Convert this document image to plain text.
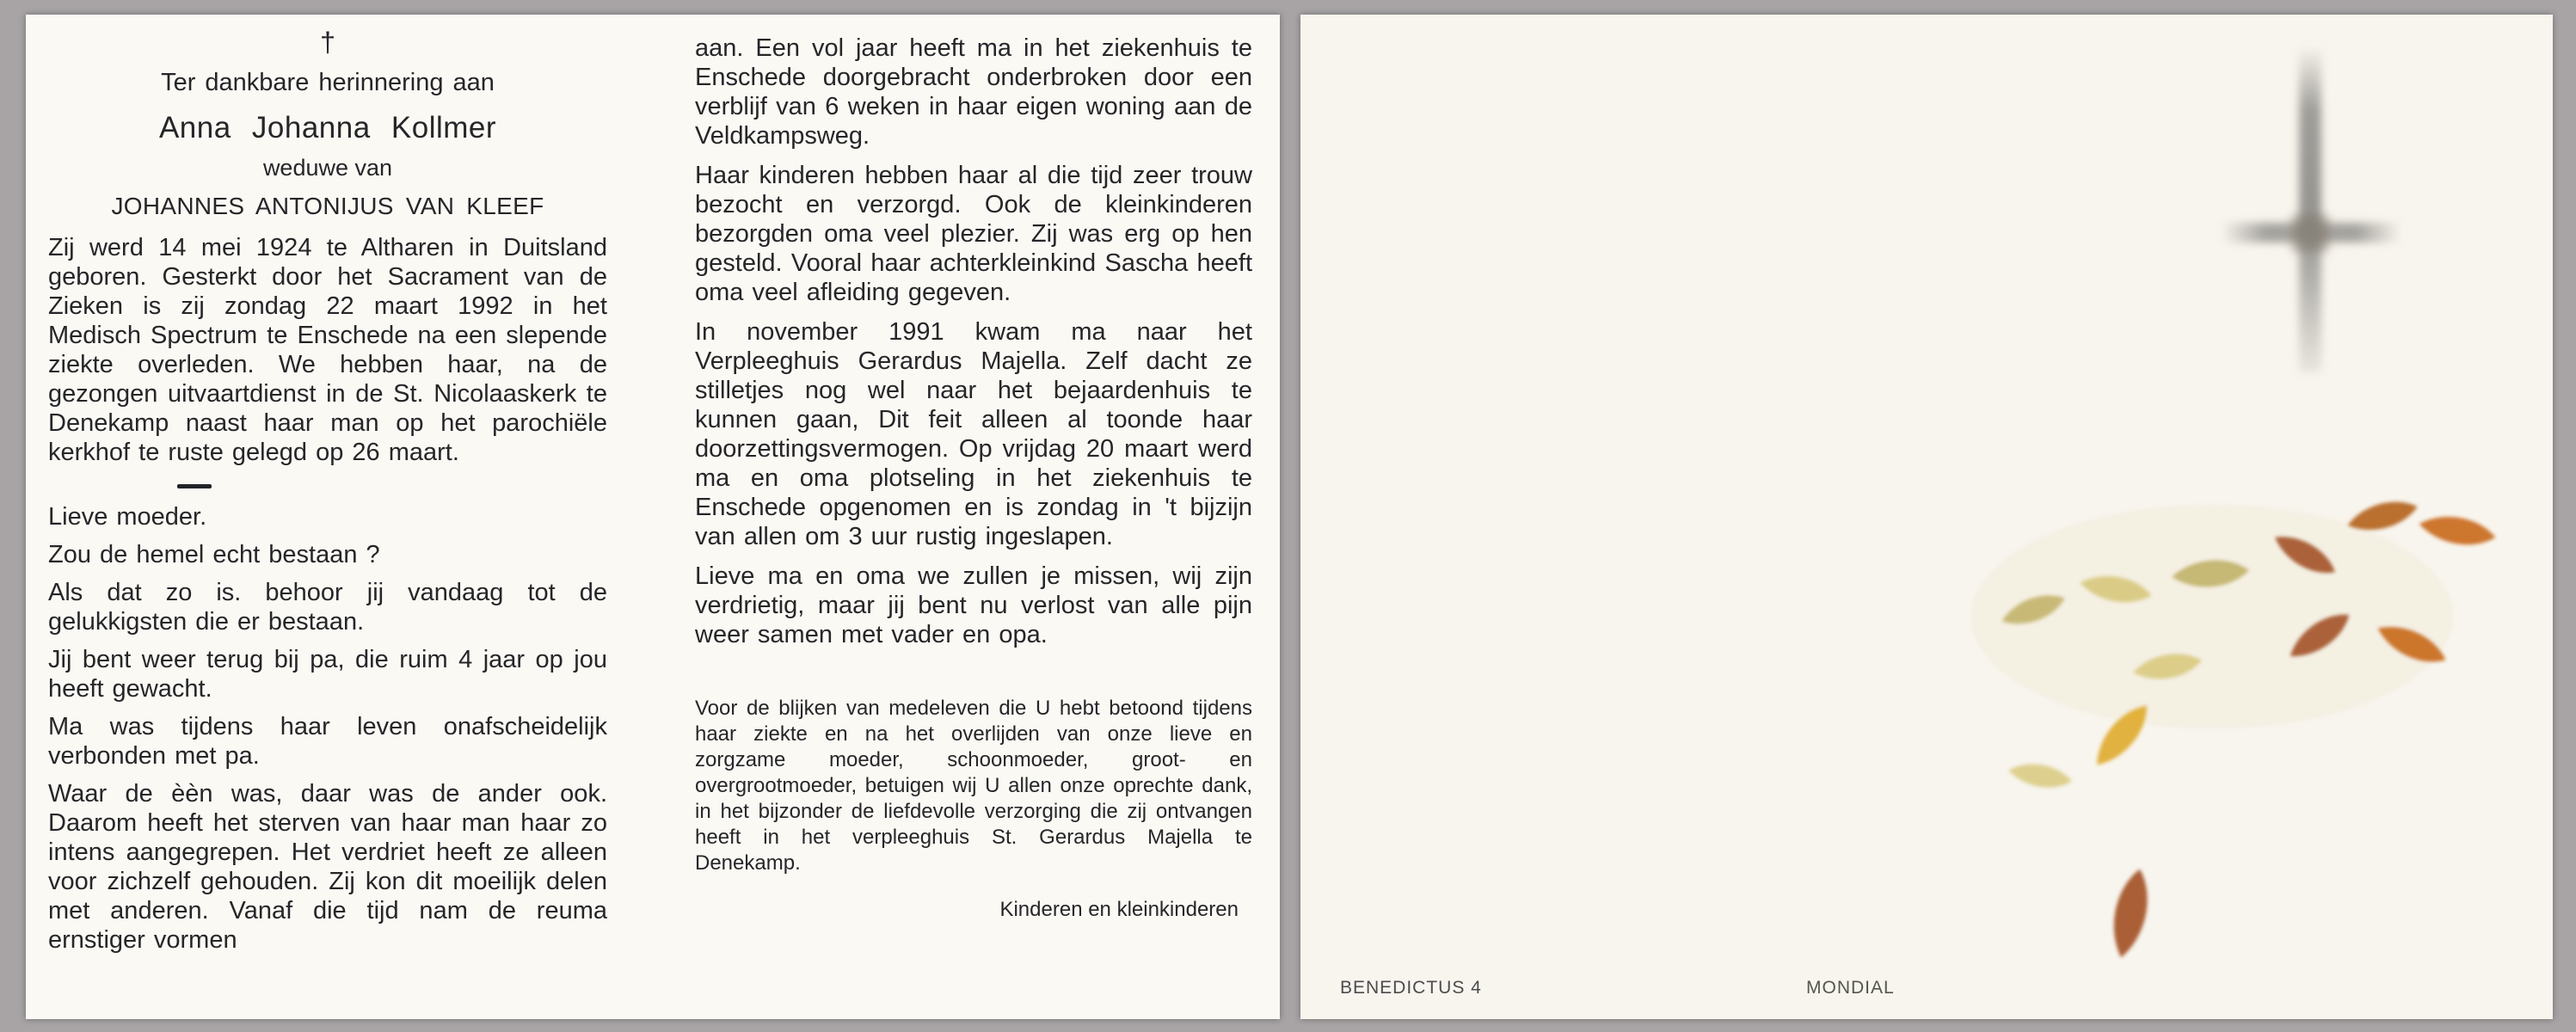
†

Ter dankbare herinnering aan

Anna Johanna Kollmer

weduwe van

JOHANNES ANTONIJUS VAN KLEEF

Zij werd 14 mei 1924 te Altharen in Duitsland geboren. Gesterkt door het Sacrament van de Zieken is zij zondag 22 maart 1992 in het Medisch Spectrum te Enschede na een slepende ziekte overleden. We hebben haar, na de gezongen uitvaartdienst in de St. Nicolaaskerk te Denekamp naast haar man op het parochiële kerkhof te ruste gelegd op 26 maart.

Lieve moeder.

Zou de hemel echt bestaan ?

Als dat zo is. behoor jij vandaag tot de gelukkigsten die er bestaan.

Jij bent weer terug bij pa, die ruim 4 jaar op jou heeft gewacht.

Ma was tijdens haar leven onafscheidelijk verbonden met pa.

Waar de èèn was, daar was de ander ook. Daarom heeft het sterven van haar man haar zo intens aangegrepen. Het verdriet heeft ze alleen voor zichzelf gehouden. Zij kon dit moeilijk delen met anderen. Vanaf die tijd nam de reuma ernstiger vormen

aan. Een vol jaar heeft ma in het ziekenhuis te Enschede doorgebracht onderbroken door een verblijf van 6 weken in haar eigen woning aan de Veldkampsweg.

Haar kinderen hebben haar al die tijd zeer trouw bezocht en verzorgd. Ook de kleinkinderen bezorgden oma veel plezier. Zij was erg op hen gesteld. Vooral haar achterkleinkind Sascha heeft oma veel afleiding gegeven.

In november 1991 kwam ma naar het Verpleeghuis Gerardus Majella. Zelf dacht ze stilletjes nog wel naar het bejaardenhuis te kunnen gaan, Dit feit alleen al toonde haar doorzettingsvermogen. Op vrijdag 20 maart werd ma en oma plotseling in het ziekenhuis te Enschede opgenomen en is zondag in 't bijzijn van allen om 3 uur rustig ingeslapen.

Lieve ma en oma we zullen je missen, wij zijn verdrietig, maar jij bent nu verlost van alle pijn weer samen met vader en opa.

Voor de blijken van medeleven die U hebt betoond tijdens haar ziekte en na het overlijden van onze lieve en zorgzame moeder, schoonmoeder, groot- en overgrootmoeder, betuigen wij U allen onze oprechte dank, in het bijzonder de liefdevolle verzorging die zij ontvangen heeft in het verpleeghuis St. Gerardus Majella te Denekamp.

Kinderen en kleinkinderen

BENEDICTUS 4	MONDIAL
